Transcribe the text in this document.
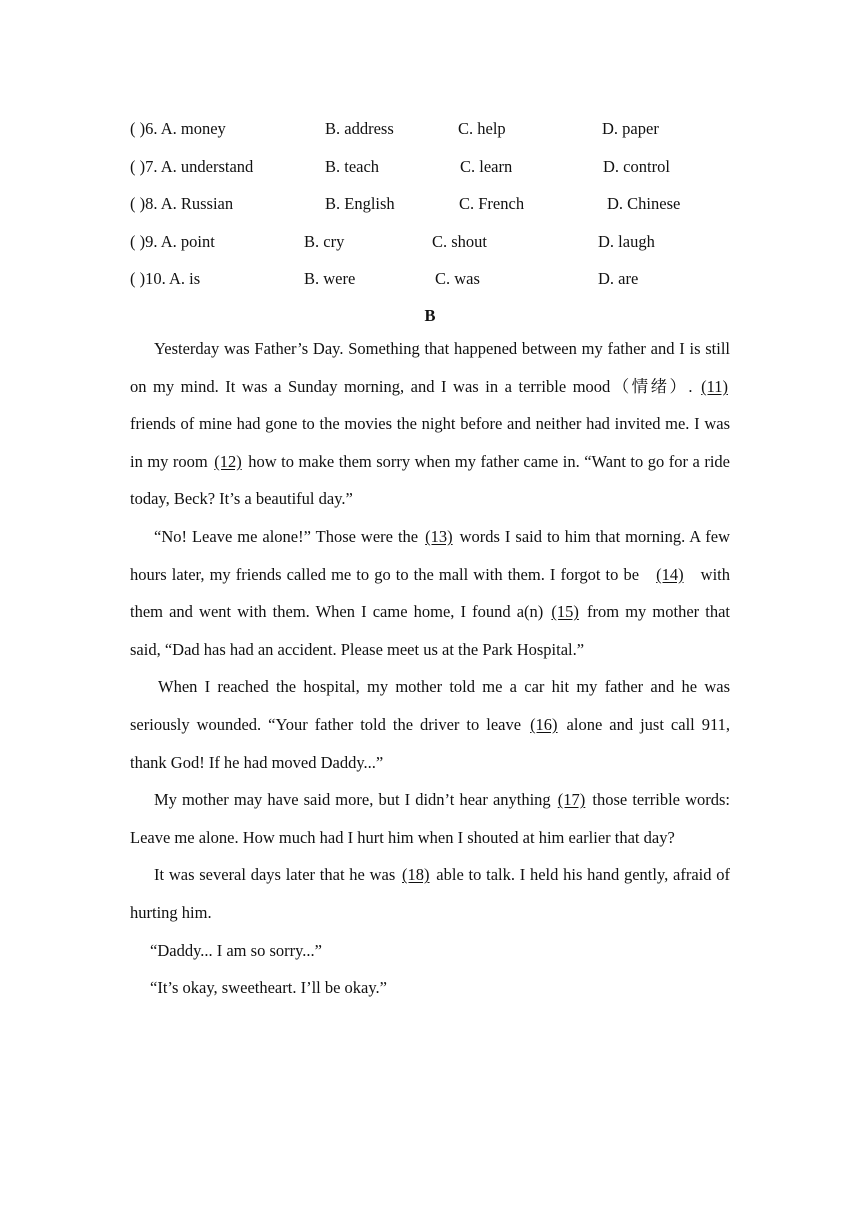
( )6. A. money	B. address	C. help	D. paper
( )7. A. understand	B. teach	C. learn	D. control
( )8. A. Russian	B. English	C. French	D. Chinese
( )9. A. point	B. cry	C. shout	D. laugh
( )10. A. is	B. were	C. was	D. are
B

Yesterday was Father’s Day. Something that happened between my father and I is still on my mind. It was a Sunday morning, and I was in a terrible mood（情绪）. (11) friends of mine had gone to the movies the night before and neither had invited me. I was in my room (12) how to make them sorry when my father came in. “Want to go for a ride today, Beck? It’s a beautiful day.”

“No! Leave me alone!” Those were the (13) words I said to him that morning. A few hours later, my friends called me to go to the mall with them. I forgot to be (14) with them and went with them. When I came home, I found a(n) (15) from my mother that said, “Dad has had an accident. Please meet us at the Park Hospital.”

When I reached the hospital, my mother told me a car hit my father and he was seriously wounded. “Your father told the driver to leave (16) alone and just call 911, thank God! If he had moved Daddy...”

My mother may have said more, but I didn’t hear anything (17) those terrible words: Leave me alone. How much had I hurt him when I shouted at him earlier that day?

It was several days later that he was (18) able to talk. I held his hand gently, afraid of hurting him.

“Daddy... I am so sorry...”

“It’s okay, sweetheart. I’ll be okay.”
